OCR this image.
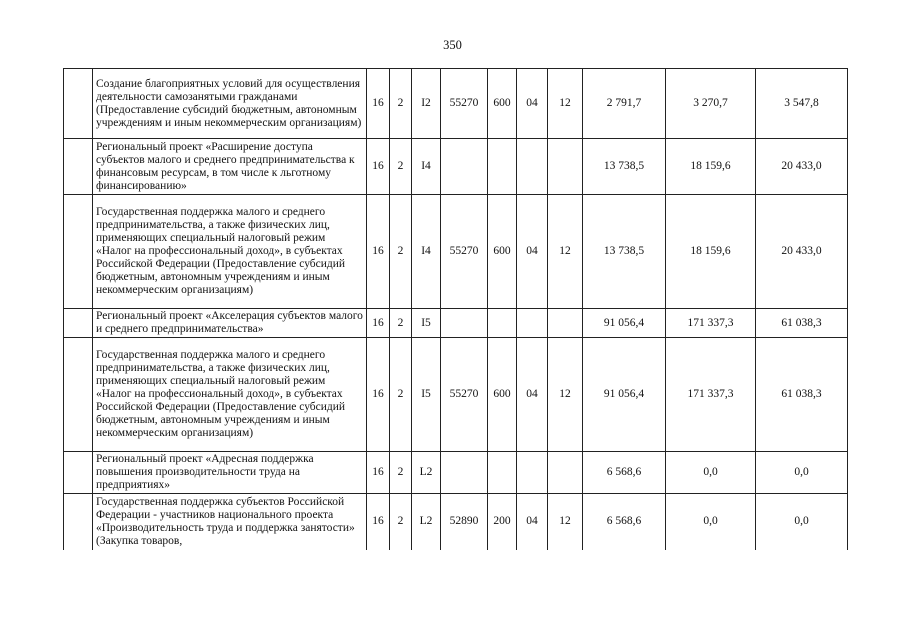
350
	Создание благоприятных условий для осуществления деятельности самозанятыми гражданами (Предоставление субсидий бюджетным, автономным учреждениям и иным некоммерческим организациям)	16	2	I2	55270	600	04	12	2 791,7	3 270,7	3 547,8
	Региональный проект «Расширение доступа субъектов малого и среднего предпринимательства к финансовым ресурсам, в том числе к льготному финансированию»	16	2	I4					13 738,5	18 159,6	20 433,0
	Государственная поддержка малого и среднего предпринимательства, а также физических лиц, применяющих специальный налоговый режим «Налог на профессиональный доход», в субъектах Российской Федерации (Предоставление субсидий бюджетным, автономным учреждениям и иным некоммерческим организациям)	16	2	I4	55270	600	04	12	13 738,5	18 159,6	20 433,0
	Региональный проект «Акселерация субъектов малого и среднего предпринимательства»	16	2	I5					91 056,4	171 337,3	61 038,3
	Государственная поддержка малого и среднего предпринимательства, а также физических лиц, применяющих специальный налоговый режим «Налог на профессиональный доход», в субъектах Российской Федерации (Предоставление субсидий бюджетным, автономным учреждениям и иным некоммерческим организациям)	16	2	I5	55270	600	04	12	91 056,4	171 337,3	61 038,3
	Региональный проект «Адресная поддержка повышения производительности труда на предприятиях»	16	2	L2					6 568,6	0,0	0,0
	Государственная поддержка субъектов Российской Федерации - участников национального проекта «Производительность труда и поддержка занятости» (Закупка товаров,	16	2	L2	52890	200	04	12	6 568,6	0,0	0,0
